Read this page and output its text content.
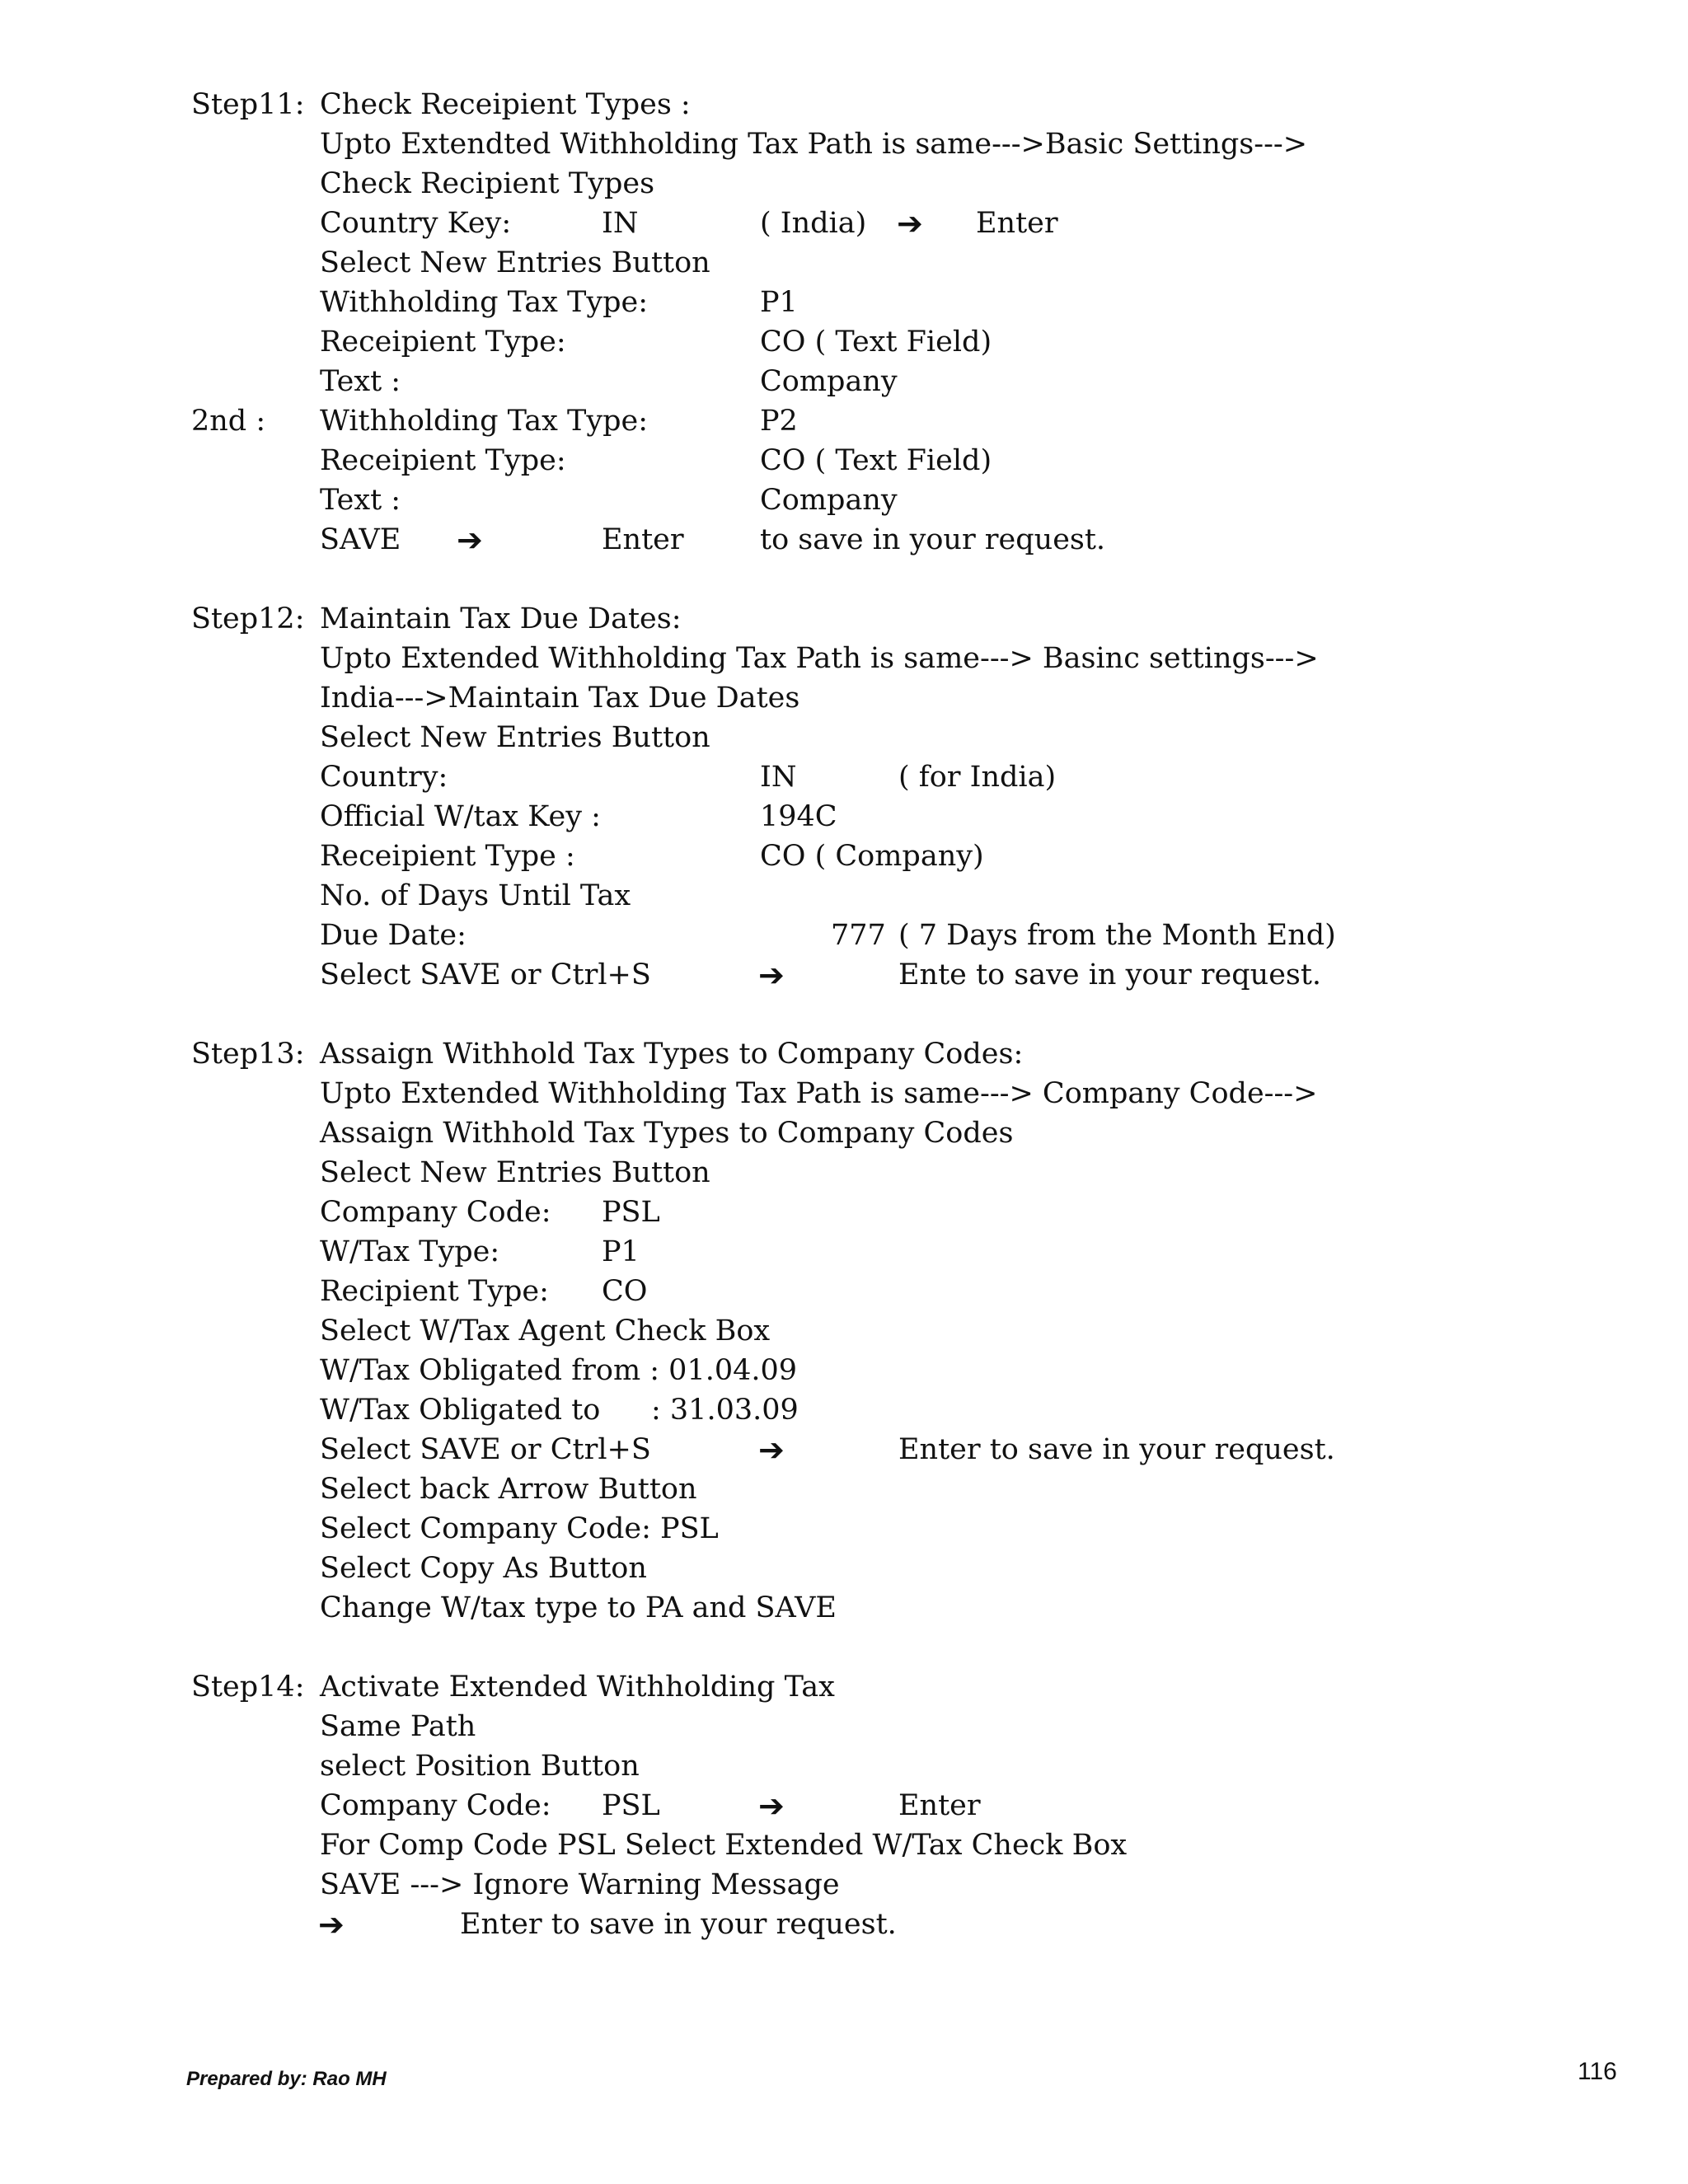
Step11: Check Receipient Types :
Upto Extendted Withholding Tax Path is same--->Basic Settings--->
Check Recipient Types
Country Key:	IN	( India) ➔ Enter
Select New Entries Button
Withholding Tax Type:	P1
Receipient Type:	CO ( Text Field)
Text :	Company
2nd : Withholding Tax Type:	P2
Receipient Type:	CO ( Text Field)
Text :	Company
SAVE ➔	Enter	to save in your request.
Step12: Maintain Tax Due Dates:
Upto Extended Withholding Tax Path is same---> Basinc settings--->
India--->Maintain Tax Due Dates
Select New Entries Button
Country:	IN	( for India)
Official W/tax Key :	194C
Receipient Type :	CO ( Company)
No. of Days Until Tax
Due Date:	777 ( 7 Days from the Month End)
Select SAVE or Ctrl+S	➔	Ente to save in your request.
Step13: Assaign Withhold Tax Types to Company Codes:
Upto Extended Withholding Tax Path is same---> Company Code--->
Assaign Withhold Tax Types to Company Codes
Select New Entries Button
Company Code: PSL
W/Tax Type:	P1
Recipient Type: CO
Select W/Tax Agent Check Box
W/Tax Obligated from : 01.04.09
W/Tax Obligated to : 31.03.09
Select SAVE or Ctrl+S	➔	Enter to save in your request.
Select back Arrow Button
Select Company Code: PSL
Select Copy As Button
Change W/tax type to PA and SAVE
Step14: Activate Extended Withholding Tax
Same Path
select Position Button
Company Code: PSL	➔	Enter
For Comp Code PSL Select Extended W/Tax Check Box
SAVE ---> Ignore Warning Message
➔	Enter to save in your request.
Prepared by: Rao MH	116
